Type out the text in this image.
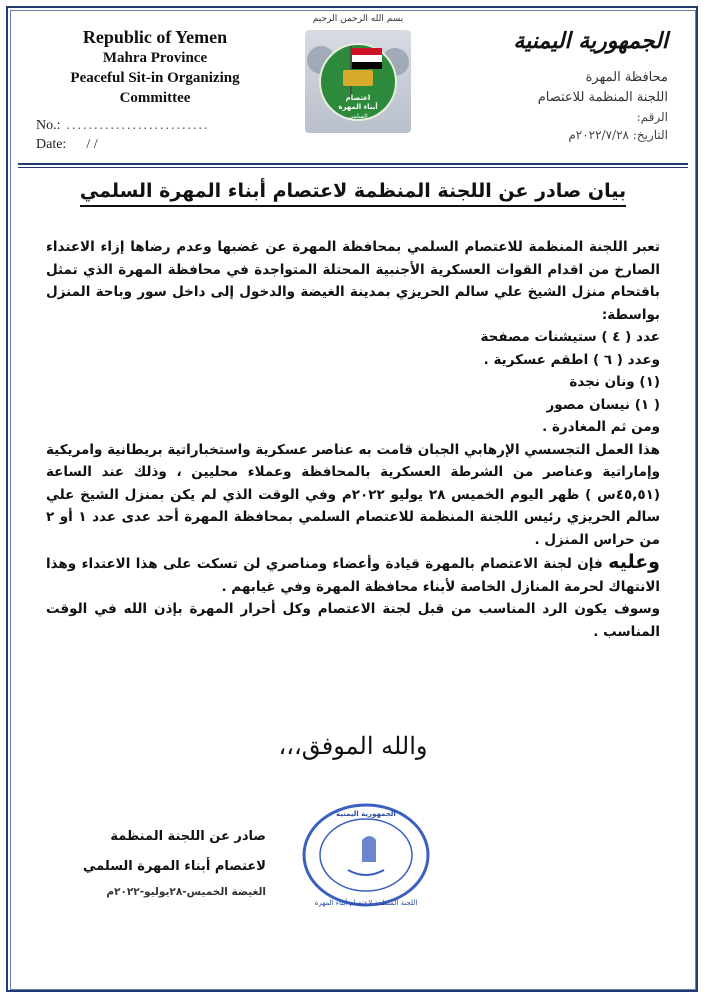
Republic of Yemen
Mahra Province
Peaceful Sit-in Organizing
Committee
No.: ..........................
Date: / /
بسم الله الرحمن الرحيم
اعتصام
أبناء المهرة
السلمي
الجمهورية اليمنية
محافظة المهرة
اللجنة المنظمة للاعتصام
الرقم:
التاريخ: ٢٠٢٢/٧/٢٨م
بيان صادر عن اللجنة المنظمة لاعتصام أبناء المهرة السلمي

تعبر اللجنة المنظمة للاعتصام السلمي بمحافظة المهرة عن غضبها وعدم رضاها إزاء الاعتداء الصارخ من اقدام القوات العسكرية الأجنبية المحتلة المتواجدة في محافظة المهرة الذي تمثل باقتحام منزل الشيخ علي سالم الحريزي بمدينة الغيضة والدخول إلى داخل سور وباحة المنزل بواسطة:

عدد ( ٤ ) ستيشنات مصفحة

وعدد ( ٦ ) اطقم عسكرية .

(١) ونان نجدة

( ١) نيسان مصور

ومن ثم المغادرة .

هذا العمل التجسسي الإرهابي الجبان قامت به عناصر عسكرية واستخباراتية بريطانية وامريكية وإماراتية وعناصر من الشرطة العسكرية بالمحافظة وعملاء محليين ، وذلك عند الساعة (٤٥,٥١س ) ظهر اليوم الخميس ٢٨ يوليو ٢٠٢٢م وفي الوقت الذي لم يكن بمنزل الشيخ علي سالم الحريزي رئيس اللجنة المنظمة للاعتصام السلمي بمحافظة المهرة أحد عدى عدد ١ أو ٢ من حراس المنزل .

وعليه فإن لجنة الاعتصام بالمهرة قيادة وأعضاء ومناصري لن تسكت على هذا الاعتداء وهذا الانتهاك لحرمة المنازل الخاصة لأبناء محافظة المهرة وفي غيابهم .

وسوف يكون الرد المناسب من قبل لجنة الاعتصام وكل أحرار المهرة بإذن الله في الوقت المناسب .

والله الموفق،،،
صادر عن اللجنة المنظمة
لاعتصام أبناء المهرة السلمي
الغيضة الخميس-٢٨يوليو-٢٠٢٢م
الجمهورية اليمنية
اللجنة المنظمة لاعتصام أبناء المهرة
